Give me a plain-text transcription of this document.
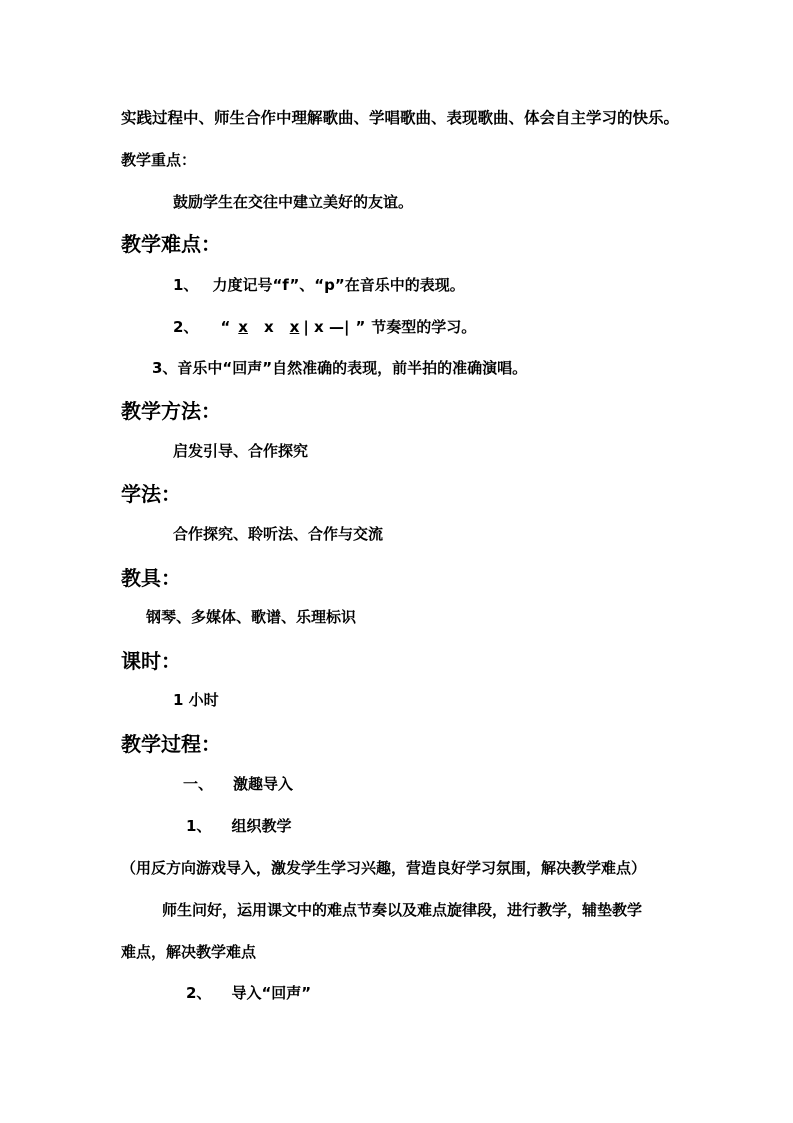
实践过程中、师生合作中理解歌曲、学唱歌曲、表现歌曲、体会自主学习的快乐。
教学重点：
鼓励学生在交往中建立美好的友谊。
教学难点：
1、 力度记号“f”、“p”在音乐中的表现。
2、 “ x x x | x —| ” 节奏型的学习。
3、音乐中“回声”自然准确的表现，前半拍的准确演唱。
教学方法：
启发引导、合作探究
学法：
合作探究、聆听法、合作与交流
教具：
钢琴、多媒体、歌谱、乐理标识
课时：
1 小时
教学过程：
一、 激趣导入
1、 组织教学
（用反方向游戏导入，激发学生学习兴趣，营造良好学习氛围，解决教学难点）
师生问好，运用课文中的难点节奏以及难点旋律段，进行教学，辅垫教学
难点，解决教学难点
2、 导入“回声”
